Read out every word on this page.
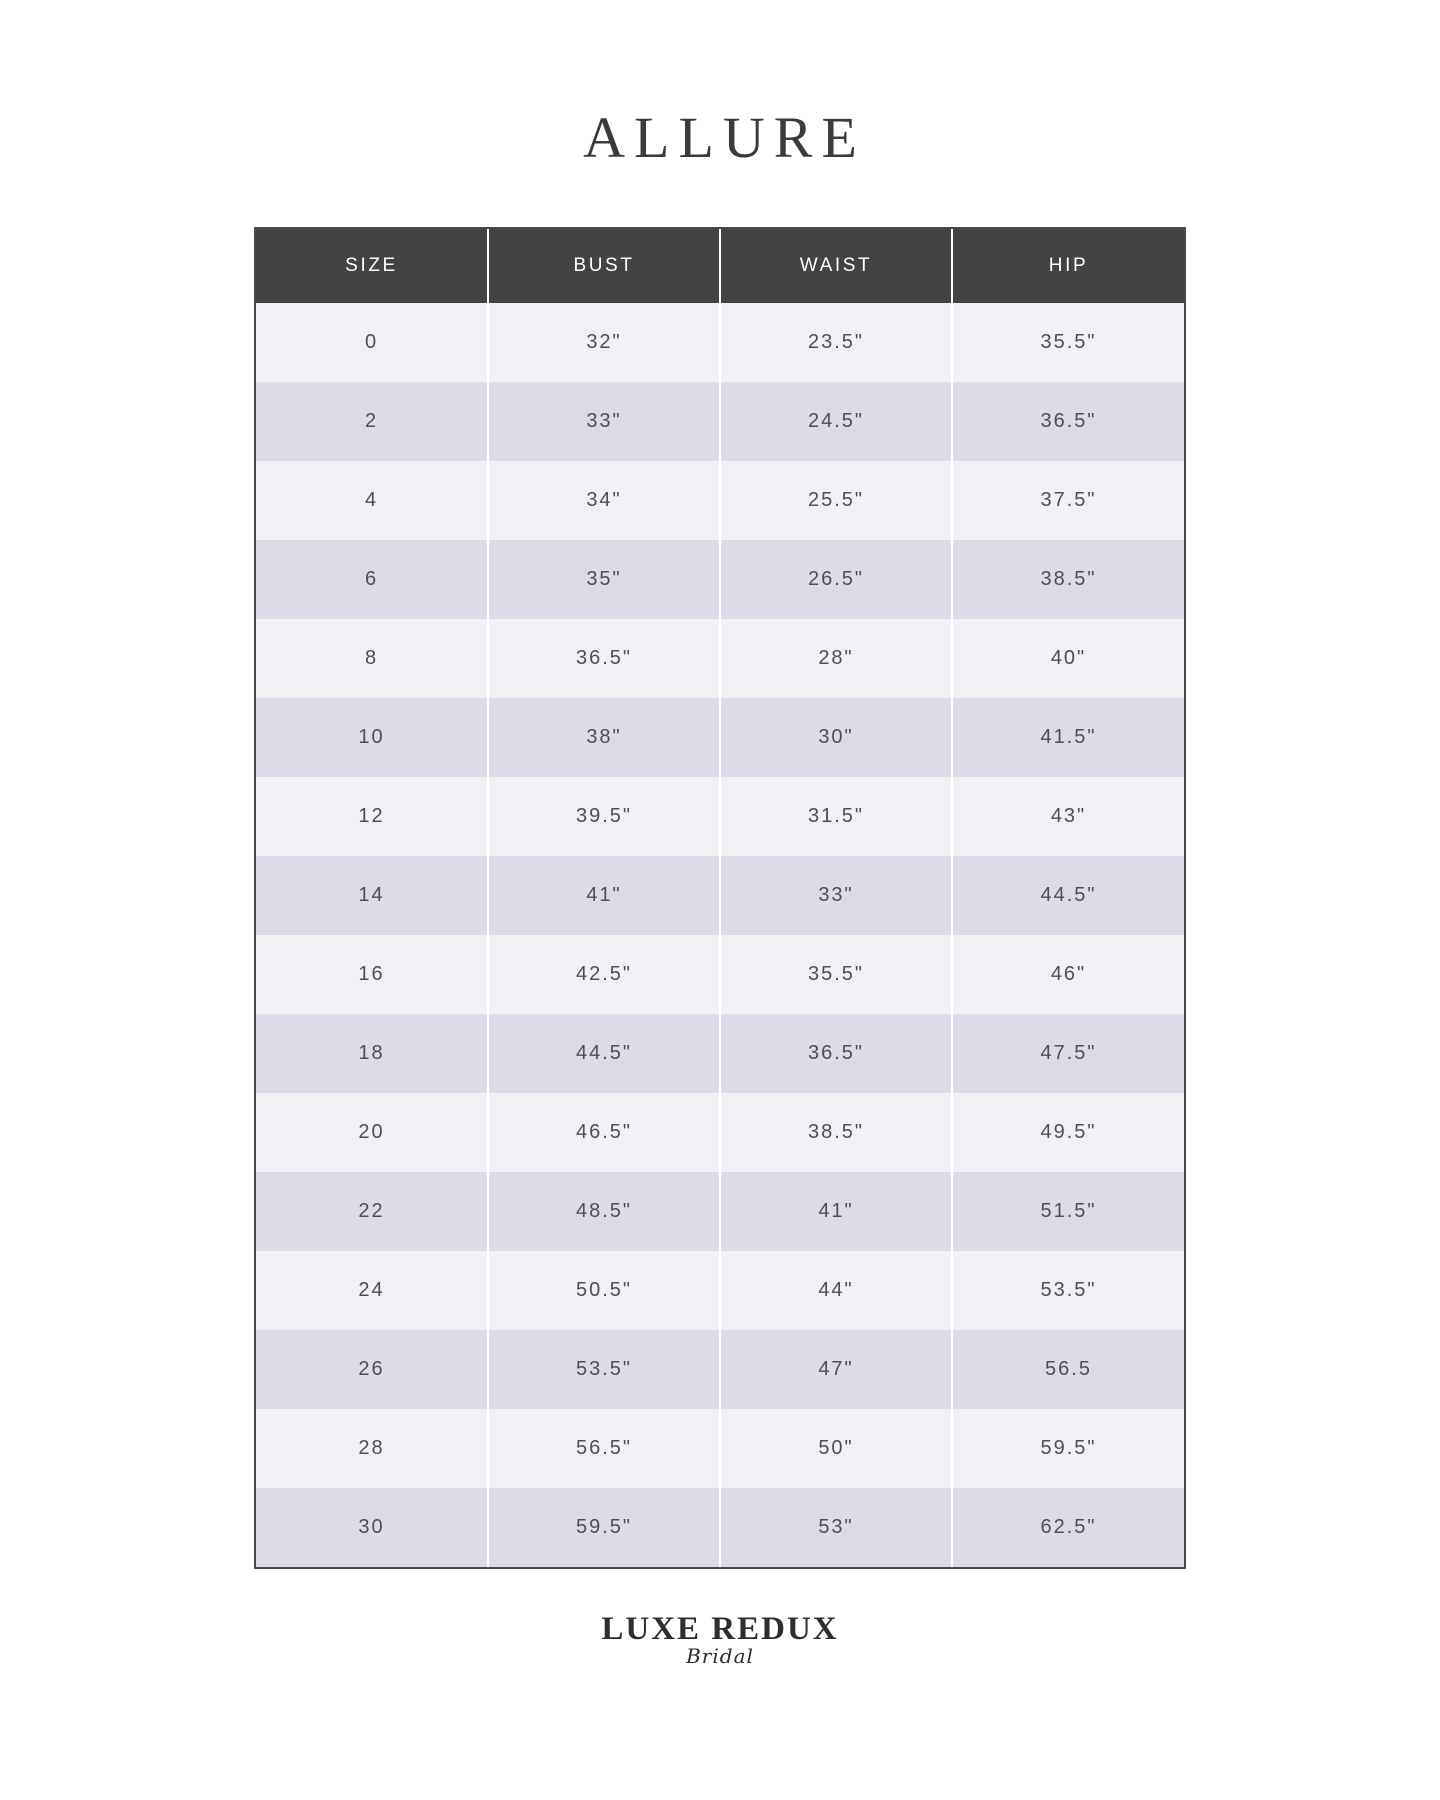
ALLURE
SIZE	BUST	WAIST	HIP
0	32"	23.5"	35.5"
2	33"	24.5"	36.5"
4	34"	25.5"	37.5"
6	35"	26.5"	38.5"
8	36.5"	28"	40"
10	38"	30"	41.5"
12	39.5"	31.5"	43"
14	41"	33"	44.5"
16	42.5"	35.5"	46"
18	44.5"	36.5"	47.5"
20	46.5"	38.5"	49.5"
22	48.5"	41"	51.5"
24	50.5"	44"	53.5"
26	53.5"	47"	56.5
28	56.5"	50"	59.5"
30	59.5"	53"	62.5"
LUXE REDUX
Bridal
